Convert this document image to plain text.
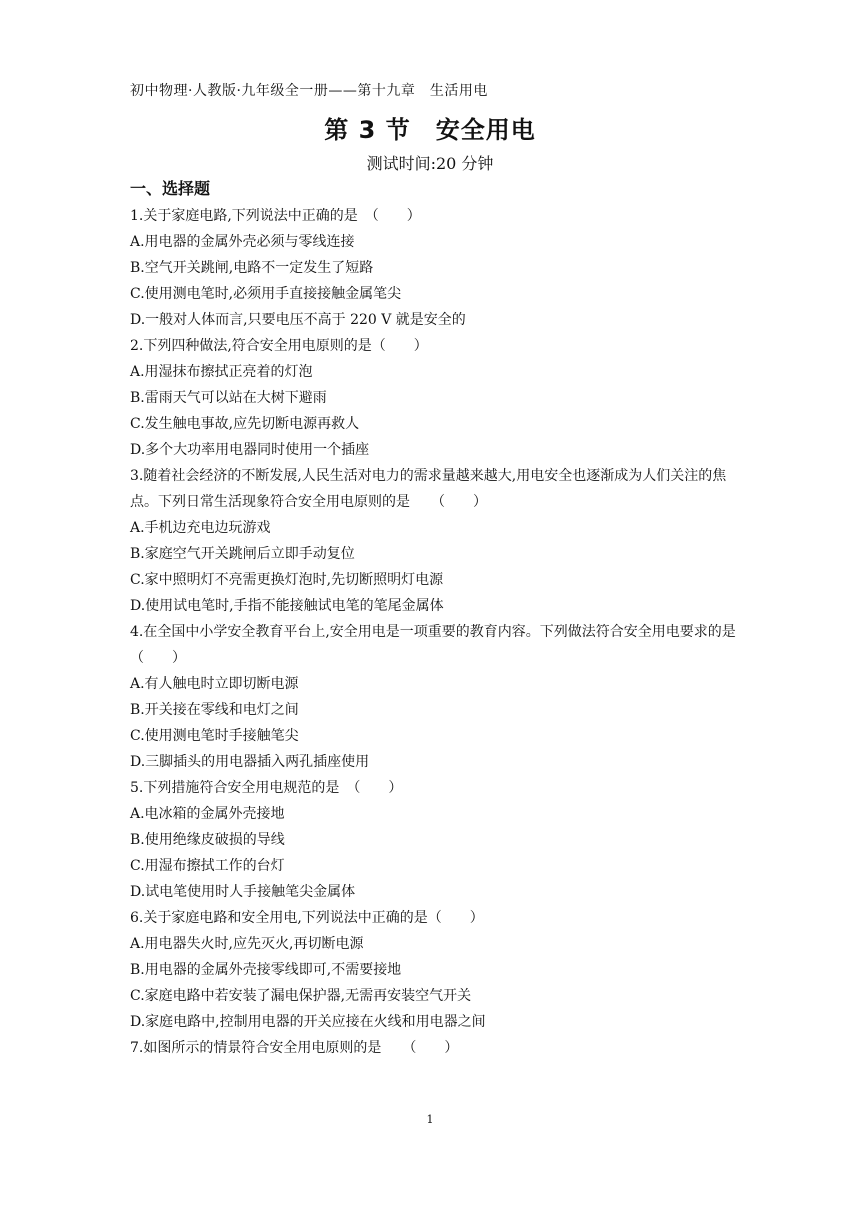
初中物理·人教版·九年级全一册——第十九章　生活用电
第 3 节　安全用电
测试时间:20 分钟
一、选择题
1.关于家庭电路,下列说法中正确的是　（　　）
A.用电器的金属外壳必须与零线连接
B.空气开关跳闸,电路不一定发生了短路
C.使用测电笔时,必须用手直接接触金属笔尖
D.一般对人体而言,只要电压不高于 220 V 就是安全的
2.下列四种做法,符合安全用电原则的是（　　）
A.用湿抹布擦拭正亮着的灯泡
B.雷雨天气可以站在大树下避雨
C.发生触电事故,应先切断电源再救人
D.多个大功率用电器同时使用一个插座
3.随着社会经济的不断发展,人民生活对电力的需求量越来越大,用电安全也逐渐成为人们关注的焦点。下列日常生活现象符合安全用电原则的是　　（　　）
A.手机边充电边玩游戏
B.家庭空气开关跳闸后立即手动复位
C.家中照明灯不亮需更换灯泡时,先切断照明灯电源
D.使用试电笔时,手指不能接触试电笔的笔尾金属体
4.在全国中小学安全教育平台上,安全用电是一项重要的教育内容。下列做法符合安全用电要求的是　　（　　）
A.有人触电时立即切断电源
B.开关接在零线和电灯之间
C.使用测电笔时手接触笔尖
D.三脚插头的用电器插入两孔插座使用
5.下列措施符合安全用电规范的是　（　　）
A.电冰箱的金属外壳接地
B.使用绝缘皮破损的导线
C.用湿布擦拭工作的台灯
D.试电笔使用时人手接触笔尖金属体
6.关于家庭电路和安全用电,下列说法中正确的是（　　）
A.用电器失火时,应先灭火,再切断电源
B.用电器的金属外壳接零线即可,不需要接地
C.家庭电路中若安装了漏电保护器,无需再安装空气开关
D.家庭电路中,控制用电器的开关应接在火线和用电器之间
7.如图所示的情景符合安全用电原则的是　　（　　）
1
